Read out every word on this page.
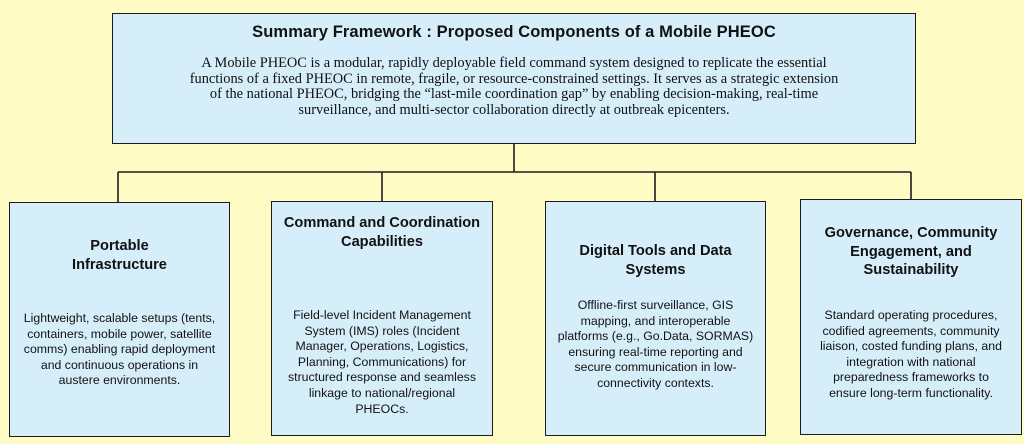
Summary Framework : Proposed Components of a Mobile PHEOC
A Mobile PHEOC is a modular, rapidly deployable field command system designed to replicate the essential
functions of a fixed PHEOC in remote, fragile, or resource-constrained settings. It serves as a strategic extension
of the national PHEOC, bridging the “last-mile coordination gap” by enabling decision-making, real-time
surveillance, and multi-sector collaboration directly at outbreak epicenters.
Portable
Infrastructure
Lightweight, scalable setups (tents,
containers, mobile power, satellite
comms) enabling rapid deployment
and continuous operations in
austere environments.
Command and Coordination
Capabilities
Field-level Incident Management
System (IMS) roles (Incident
Manager, Operations, Logistics,
Planning, Communications) for
structured response and seamless
linkage to national/regional
PHEOCs.
Digital Tools and Data
Systems
Offline-first surveillance, GIS
mapping, and interoperable
platforms (e.g., Go.Data, SORMAS)
ensuring real-time reporting and
secure communication in low-
connectivity contexts.
Governance, Community
Engagement, and
Sustainability
Standard operating procedures,
codified agreements, community
liaison, costed funding plans, and
integration with national
preparedness frameworks to
ensure long-term functionality.
